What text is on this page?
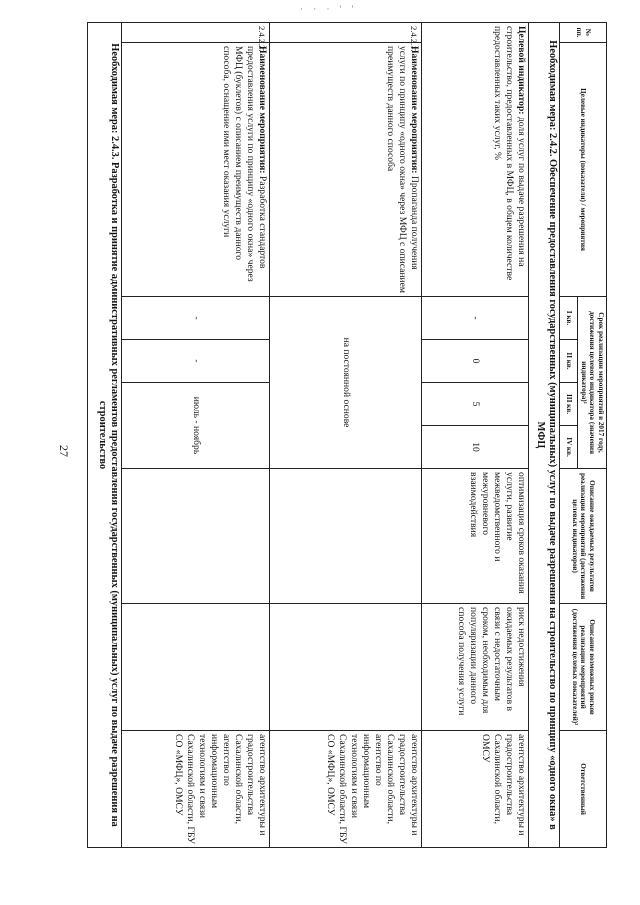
· · · ' '
27
№ пп.	Целевые индикаторы (показатели) / мероприятия	Срок реализации мероприятий в 2017 году, достижения целевого индикатора (значения индикатора)¹				Описание ожидаемых результатов реализации мероприятий (достижения целевых индикаторов)	Описание возможных рисков реализации мероприятий (достижения целевых показателей)²	Ответственный
		I кв.	II кв.	III кв.	IV кв.			
Необходимая мера: 2.4.2. Обеспечение предоставления государственных (муниципальных) услуг по выдаче разрешения на строительство по принципу «одного окна» в МФЦ								
Целевой индикатор: доля услуг по выдаче разрешения на строительство, предоставленных в МФЦ, в общем количестве предоставленных таких услуг, %		-	0	5	10	оптимизация сроков оказания услуги, развитие межведомственного и межуровневого взаимодействия	риск недостижения ожидаемых результатов в связи с недостаточным сроком, необходимым для популяризации данного способа получения услуги	агентство архитектуры и градостроительства Сахалинской области, ОМСУ
2.4.2.1.	Наименование мероприятия: Пропаганда получения услуги по принципу «одного окна» через МФЦ с описанием преимуществ данного способа	на постоянной основе						агентство архитектуры и градостроительства Сахалинской области, агентство по информационным технологиям и связи Сахалинской области, ГБУ СО «МФЦ», ОМСУ
2.4.2.2.	Наименование мероприятия: Разработка стандартов предоставления услуги по принципу «одного окна» через МФЦ (буклетов) с описанием преимуществ данного способа, оснащение ими мест оказания услуги	-	-	июль - ноябрь				агентство архитектуры и градостроительства Сахалинской области, агентство по информационным технологиям и связи Сахалинской области, ГБУ СО «МФЦ», ОМСУ
Необходимая мера: 2.4.3. Разработка и принятие административных регламентов предоставления государственных (муниципальных) услуг по выдаче разрешения на строительство								
